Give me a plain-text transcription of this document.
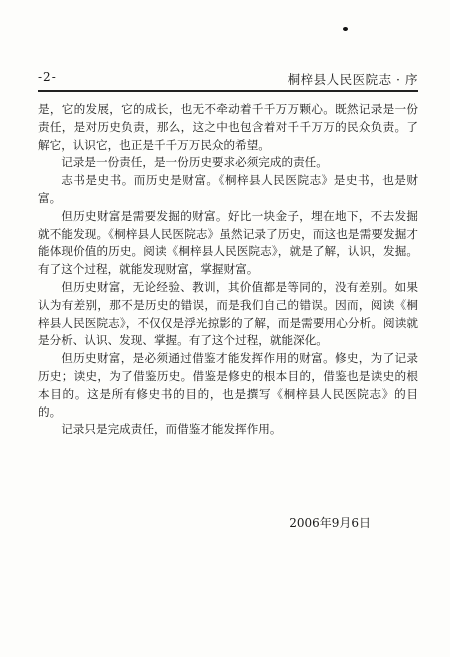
-2-	桐梓县人民医院志 · 序

是，它的发展，它的成长，也无不牵动着千千万万颗心。既然记录是一份责任，是对历史负责，那么，这之中也包含着对千千万万的民众负责。了解它，认识它，也正是千千万万民众的希望。

记录是一份责任，是一份历史要求必须完成的责任。

志书是史书。而历史是财富。《桐梓县人民医院志》是史书，也是财富。

但历史财富是需要发掘的财富。好比一块金子，埋在地下，不去发掘就不能发现。《桐梓县人民医院志》虽然记录了历史，而这也是需要发掘才能体现价值的历史。阅读《桐梓县人民医院志》，就是了解，认识，发掘。有了这个过程，就能发现财富，掌握财富。

但历史财富，无论经验、教训，其价值都是等同的，没有差别。如果认为有差别，那不是历史的错误，而是我们自己的错误。因而，阅读《桐梓县人民医院志》，不仅仅是浮光掠影的了解，而是需要用心分析。阅读就是分析、认识、发现、掌握。有了这个过程，就能深化。

但历史财富，是必须通过借鉴才能发挥作用的财富。修史，为了记录历史；读史，为了借鉴历史。借鉴是修史的根本目的，借鉴也是读史的根本目的。这是所有修史书的目的，也是撰写《桐梓县人民医院志》的目的。

记录只是完成责任，而借鉴才能发挥作用。

2006年9月6日
